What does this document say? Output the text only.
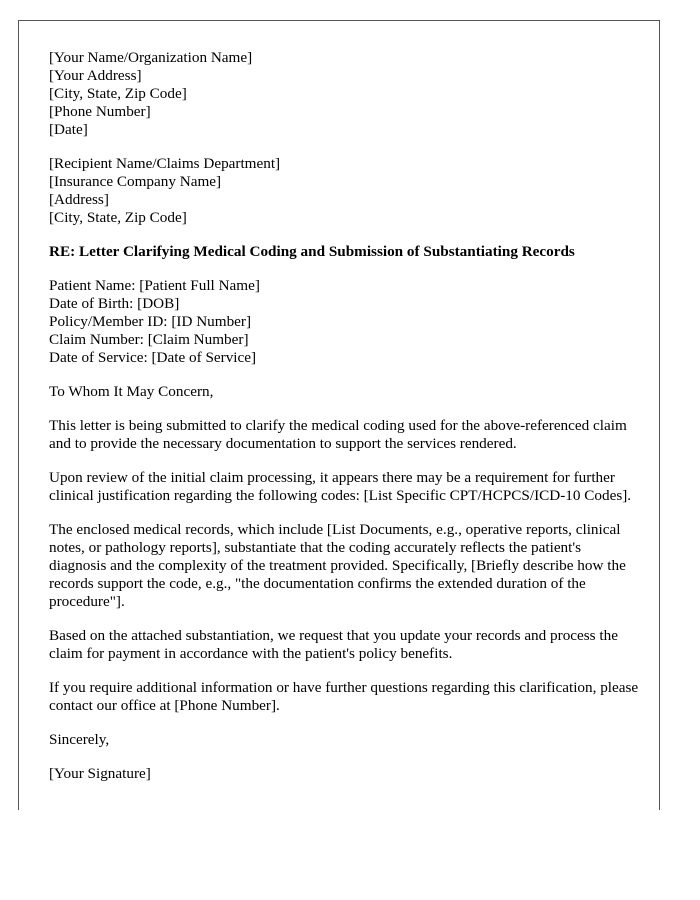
[Your Name/Organization Name]
[Your Address]
[City, State, Zip Code]
[Phone Number]
[Date]
[Recipient Name/Claims Department]
[Insurance Company Name]
[Address]
[City, State, Zip Code]
RE: Letter Clarifying Medical Coding and Submission of Substantiating Records
Patient Name: [Patient Full Name]
Date of Birth: [DOB]
Policy/Member ID: [ID Number]
Claim Number: [Claim Number]
Date of Service: [Date of Service]

To Whom It May Concern,

This letter is being submitted to clarify the medical coding used for the above-referenced claim and to provide the necessary documentation to support the services rendered.

Upon review of the initial claim processing, it appears there may be a requirement for further clinical justification regarding the following codes: [List Specific CPT/HCPCS/ICD-10 Codes].

The enclosed medical records, which include [List Documents, e.g., operative reports, clinical notes, or pathology reports], substantiate that the coding accurately reflects the patient's diagnosis and the complexity of the treatment provided. Specifically, [Briefly describe how the records support the code, e.g., "the documentation confirms the extended duration of the procedure"].

Based on the attached substantiation, we request that you update your records and process the claim for payment in accordance with the patient's policy benefits.

If you require additional information or have further questions regarding this clarification, please contact our office at [Phone Number].

Sincerely,

[Your Signature]
